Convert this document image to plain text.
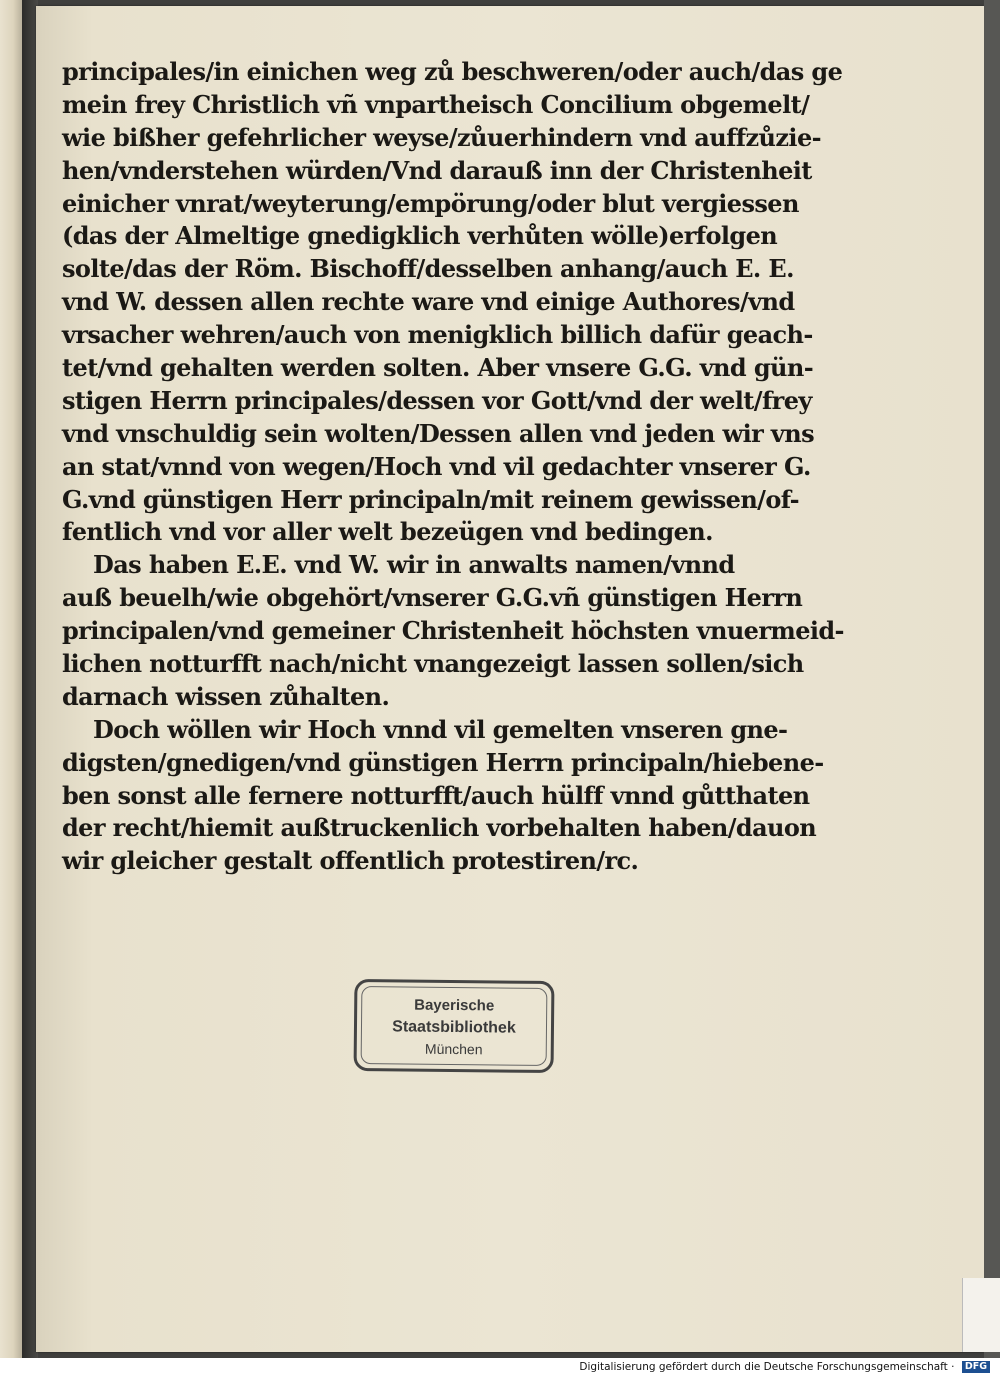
principales/in einichen weg zů beschweren/oder auch/das ge
mein frey Christlich vñ vnpartheisch Concilium obgemelt/
wie bißher gefehrlicher weyse/zůuerhindern vnd auffzůzie-
hen/vnderstehen würden/Vnd darauß inn der Christenheit
einicher vnrat/weyterung/empörung/oder blut vergiessen
(das der Almeltige gnedigklich verhůten wölle)erfolgen
solte/das der Röm. Bischoff/desselben anhang/auch E. E.
vnd W. dessen allen rechte ware vnd einige Authores/vnd
vrsacher wehren/auch von menigklich billich dafür geach-
tet/vnd gehalten werden solten. Aber vnsere G.G. vnd gün-
stigen Herrn principales/dessen vor Gott/vnd der welt/frey
vnd vnschuldig sein wolten/Dessen allen vnd jeden wir vns
an stat/vnnd von wegen/Hoch vnd vil gedachter vnserer G.
G.vnd günstigen Herr principaln/mit reinem gewissen/of-
fentlich vnd vor aller welt bezeügen vnd bedingen.
Das haben E.E. vnd W. wir in anwalts namen/vnnd
auß beuelh/wie obgehört/vnserer G.G.vñ günstigen Herrn
principalen/vnd gemeiner Christenheit höchsten vnuermeid-
lichen notturfft nach/nicht vnangezeigt lassen sollen/sich
darnach wissen zůhalten.
Doch wöllen wir Hoch vnnd vil gemelten vnseren gne-
digsten/gnedigen/vnd günstigen Herrn principaln/hiebene-
ben sonst alle fernere notturfft/auch hülff vnnd gůtthaten
der recht/hiemit außtruckenlich vorbehalten haben/dauon
wir gleicher gestalt offentlich protestiren/rc.
Bayerische
Staatsbibliothek
München
Digitalisierung gefördert durch die Deutsche Forschungsgemeinschaft · DFG
